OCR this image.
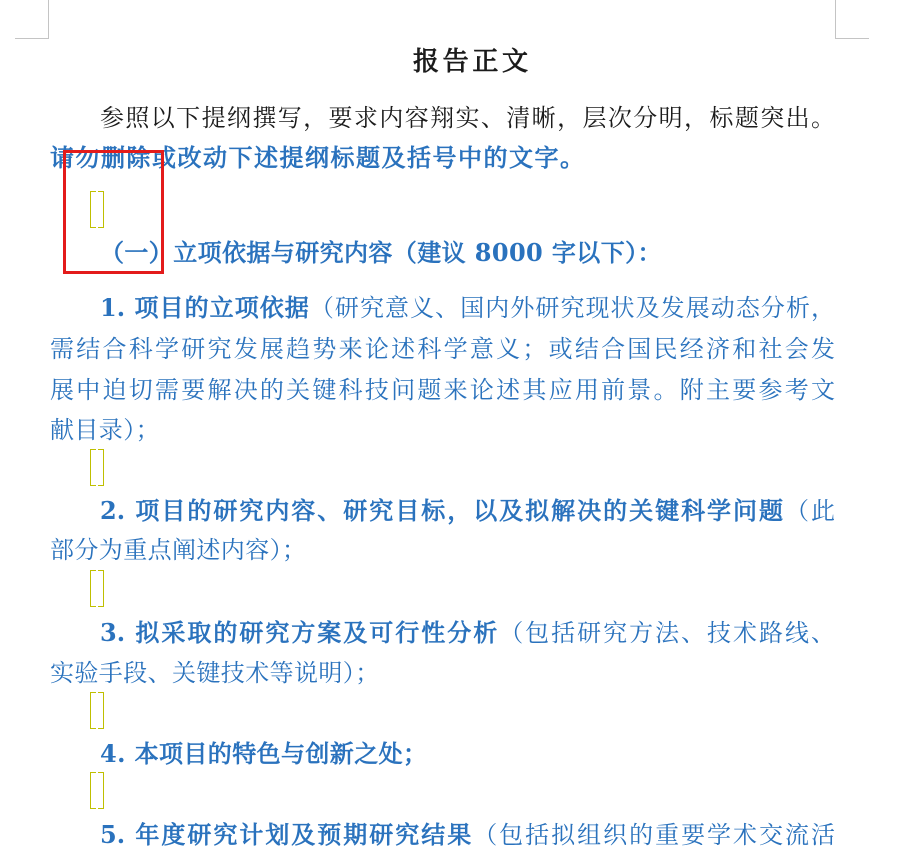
报告正文
参照以下提纲撰写，要求内容翔实、清晰，层次分明，标题突出。
请勿删除或改动下述提纲标题及括号中的文字。
（一）立项依据与研究内容（建议 8000 字以下）：
1. 项目的立项依据（研究意义、国内外研究现状及发展动态分析，
需结合科学研究发展趋势来论述科学意义；或结合国民经济和社会发
展中迫切需要解决的关键科技问题来论述其应用前景。附主要参考文
献目录）；
2. 项目的研究内容、研究目标，以及拟解决的关键科学问题（此
部分为重点阐述内容）；
3. 拟采取的研究方案及可行性分析（包括研究方法、技术路线、
实验手段、关键技术等说明）；
4. 本项目的特色与创新之处；
5. 年度研究计划及预期研究结果（包括拟组织的重要学术交流活
